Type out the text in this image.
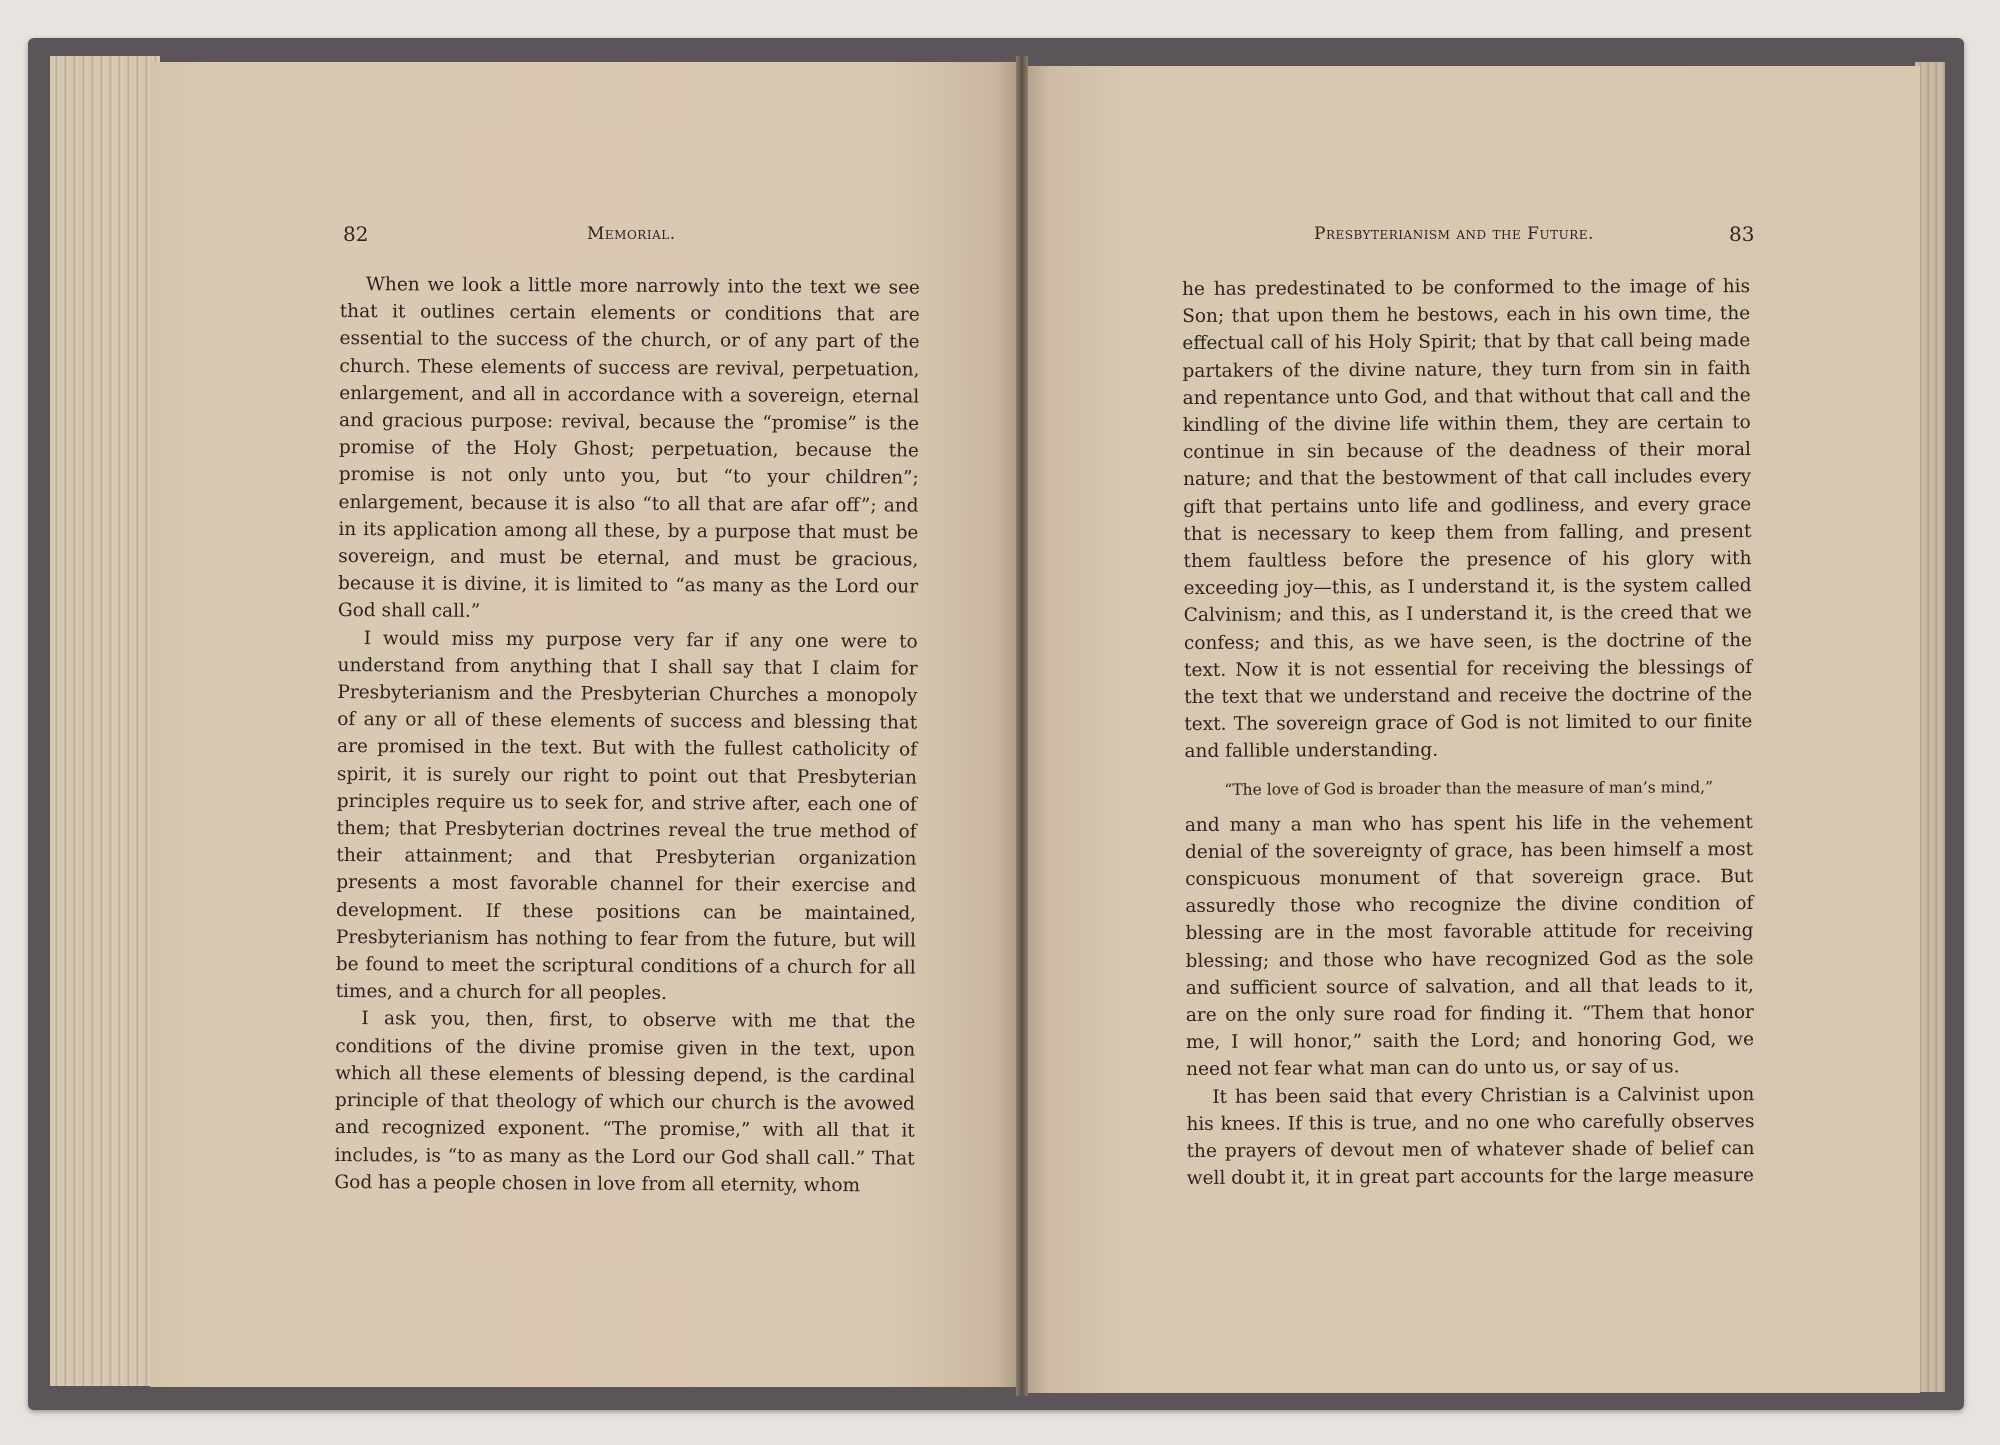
82	Memorial.	Presbyterianism and the Future.	83

When we look a little more narrowly into the text we see that it outlines certain elements or conditions that are essential to the success of the church, or of any part of the church. These elements of success are revival, perpetuation, enlargement, and all in accordance with a sovereign, eternal and gracious purpose: revival, because the “promise” is the promise of the Holy Ghost; perpetuation, because the promise is not only unto you, but “to your children”; enlargement, because it is also “to all that are afar off”; and in its application among all these, by a purpose that must be sovereign, and must be eternal, and must be gracious, because it is divine, it is limited to “as many as the Lord our God shall call.”

I would miss my purpose very far if any one were to understand from anything that I shall say that I claim for Presbyterianism and the Presbyterian Churches a monopoly of any or all of these elements of success and blessing that are promised in the text. But with the fullest catholicity of spirit, it is surely our right to point out that Presbyterian principles require us to seek for, and strive after, each one of them; that Presbyterian doctrines reveal the true method of their attainment; and that Presbyterian organization presents a most favorable channel for their exercise and development. If these positions can be maintained, Presbyterianism has nothing to fear from the future, but will be found to meet the scriptural conditions of a church for all times, and a church for all peoples.

I ask you, then, first, to observe with me that the conditions of the divine promise given in the text, upon which all these elements of blessing depend, is the cardinal principle of that theology of which our church is the avowed and recognized exponent. “The promise,” with all that it includes, is “to as many as the Lord our God shall call.” That God has a people chosen in love from all eternity, whom

he has predestinated to be conformed to the image of his Son; that upon them he bestows, each in his own time, the effectual call of his Holy Spirit; that by that call being made partakers of the divine nature, they turn from sin in faith and repentance unto God, and that without that call and the kindling of the divine life within them, they are certain to continue in sin because of the deadness of their moral nature; and that the bestowment of that call includes every gift that pertains unto life and godliness, and every grace that is necessary to keep them from falling, and present them faultless before the presence of his glory with exceeding joy—this, as I understand it, is the system called Calvinism; and this, as I understand it, is the creed that we confess; and this, as we have seen, is the doctrine of the text. Now it is not essential for receiving the blessings of the text that we understand and receive the doctrine of the text. The sovereign grace of God is not limited to our finite and fallible understanding.

“The love of God is broader than the measure of man’s mind,”

and many a man who has spent his life in the vehement denial of the sovereignty of grace, has been himself a most conspicuous monument of that sovereign grace. But assuredly those who recognize the divine condition of blessing are in the most favorable attitude for receiving blessing; and those who have recognized God as the sole and sufficient source of salvation, and all that leads to it, are on the only sure road for finding it. “Them that honor me, I will honor,” saith the Lord; and honoring God, we need not fear what man can do unto us, or say of us.

It has been said that every Christian is a Calvinist upon his knees. If this is true, and no one who carefully observes the prayers of devout men of whatever shade of belief can well doubt it, it in great part accounts for the large measure
